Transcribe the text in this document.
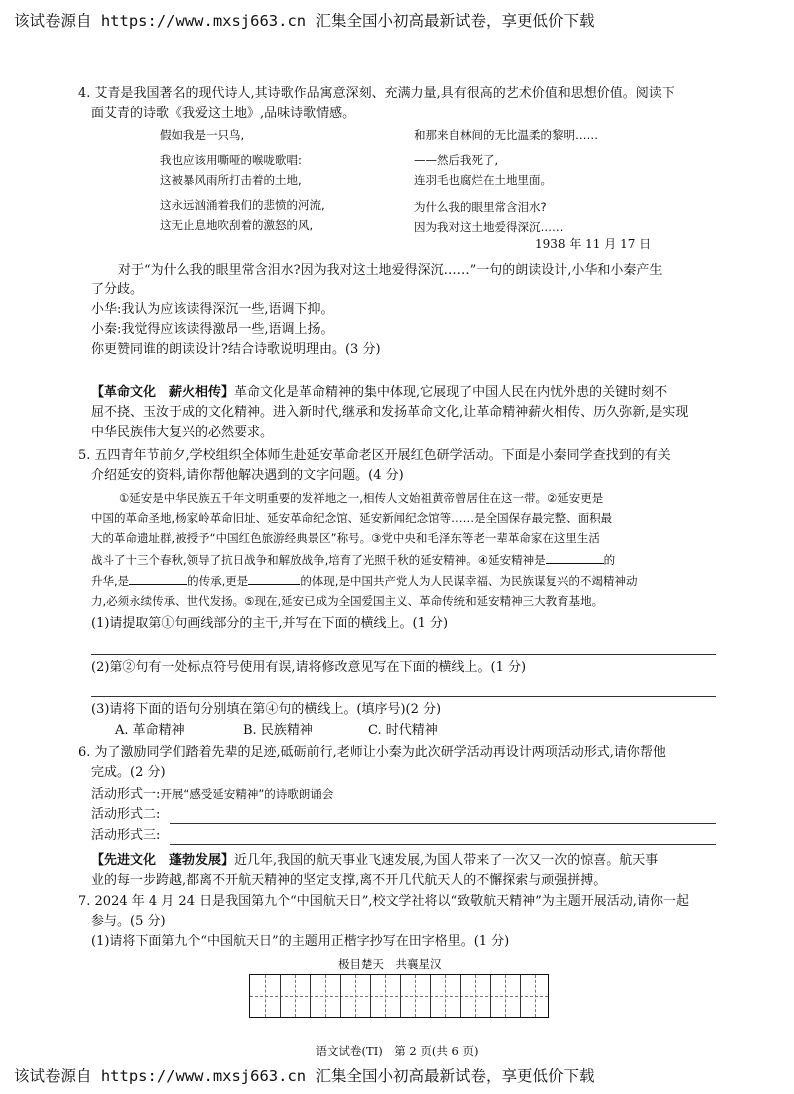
该试卷源自 https://www.mxsj663.cn 汇集全国小初高最新试卷，享更低价下载
4. 艾青是我国著名的现代诗人,其诗歌作品寓意深刻、充满力量,具有很高的艺术价值和思想价值。阅读下
面艾青的诗歌《我爱这土地》,品味诗歌情感。
假如我是一只鸟,
我也应该用嘶哑的喉咙歌唱:
这被暴风雨所打击着的土地,
这永远汹涌着我们的悲愤的河流,
这无止息地吹刮着的激怒的风,
和那来自林间的无比温柔的黎明……
——然后我死了,
连羽毛也腐烂在土地里面。
为什么我的眼里常含泪水?
因为我对这土地爱得深沉……
1938 年 11 月 17 日
对于“为什么我的眼里常含泪水?因为我对这土地爱得深沉……”一句的朗读设计,小华和小秦产生
了分歧。
小华:我认为应该读得深沉一些,语调下抑。
小秦:我觉得应该读得激昂一些,语调上扬。
你更赞同谁的朗读设计?结合诗歌说明理由。(3 分)
【革命文化　薪火相传】革命文化是革命精神的集中体现,它展现了中国人民在内忧外患的关键时刻不
屈不挠、玉汝于成的文化精神。进入新时代,继承和发扬革命文化,让革命精神薪火相传、历久弥新,是实现
中华民族伟大复兴的必然要求。
5. 五四青年节前夕,学校组织全体师生赴延安革命老区开展红色研学活动。下面是小秦同学查找到的有关
介绍延安的资料,请你帮他解决遇到的文字问题。(4 分)
①延安是中华民族五千年文明重要的发祥地之一,相传人文始祖黄帝曾居住在这一带。②延安更是
中国的革命圣地,杨家岭革命旧址、延安革命纪念馆、延安新闻纪念馆等……是全国保存最完整、面积最
大的革命遗址群,被授予“中国红色旅游经典景区”称号。③党中央和毛泽东等老一辈革命家在这里生活
战斗了十三个春秋,领导了抗日战争和解放战争,培育了光照千秋的延安精神。④延安精神是	的
升华,是	的传承,更是	的体现,是中国共产党人为人民谋幸福、为民族谋复兴的不竭精神动
力,必须永续传承、世代发扬。⑤现在,延安已成为全国爱国主义、革命传统和延安精神三大教育基地。
(1)请提取第①句画线部分的主干,并写在下面的横线上。(1 分)
(2)第②句有一处标点符号使用有误,请将修改意见写在下面的横线上。(1 分)
(3)请将下面的语句分别填在第④句的横线上。(填序号)(2 分)
A. 革命精神	B. 民族精神	C. 时代精神
6. 为了激励同学们踏着先辈的足迹,砥砺前行,老师让小秦为此次研学活动再设计两项活动形式,请你帮他
完成。(2 分)
活动形式一:开展“感受延安精神”的诗歌朗诵会
活动形式二:
活动形式三:
【先进文化　蓬勃发展】近几年,我国的航天事业飞速发展,为国人带来了一次又一次的惊喜。航天事
业的每一步跨越,都离不开航天精神的坚定支撑,离不开几代航天人的不懈探索与顽强拼搏。
7. 2024 年 4 月 24 日是我国第九个“中国航天日”,校文学社将以“致敬航天精神”为主题开展活动,请你一起
参与。(5 分)
(1)请将下面第九个“中国航天日”的主题用正楷字抄写在田字格里。(1 分)
极目楚天　共襄星汉
语文试卷(TI)　第 2 页(共 6 页)
该试卷源自 https://www.mxsj663.cn 汇集全国小初高最新试卷，享更低价下载
